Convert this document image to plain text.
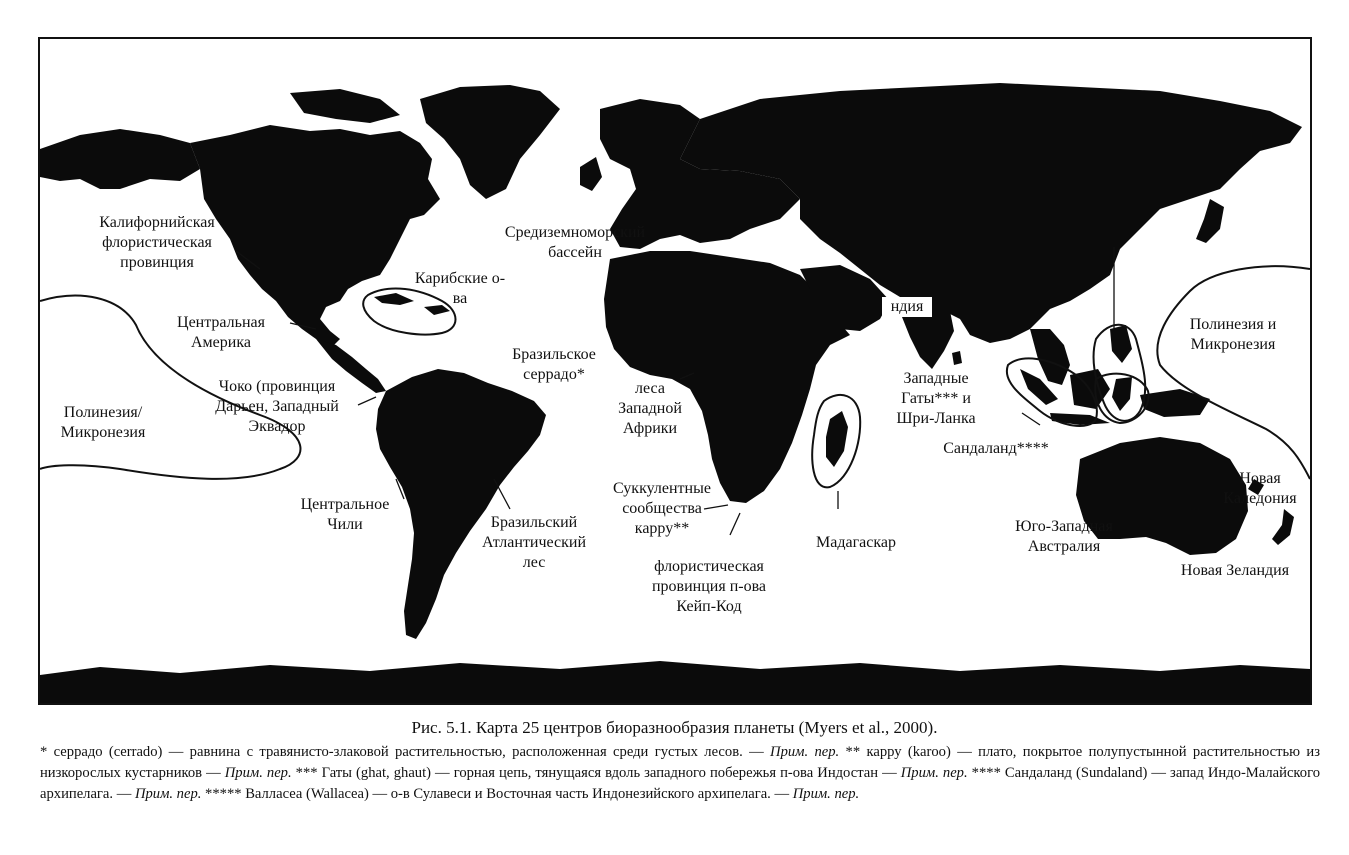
Калифорнийская
флористическая
провинция
Средиземноморский
бассейн
Карибские о-
ва
Центральная
Америка
Бразильское
серрадо*
Чоко (провинция
Дарьен, Западный
Эквадор
Полинезия/
Микронезия
леса
Западной
Африки
Центральное
Чили	Бразильский
Атлантический
лес
Суккулентные
сообщества
карру**
флористическая
провинция п-ова
Кейп-Код
Мадагаскар
Западные
Гаты*** и
Шри-Ланка
Сандаланд****
Полинезия и
Микронезия
Новая
Каледония
Юго-Западная
Австралия
Новая Зеландия
ндия
Рис. 5.1. Карта 25 центров биоразнообразия планеты (Myers et al., 2000).
* серрадо (cerrado) — равнина с травянисто-злаковой растительностью, расположенная среди густых лесов. — Прим. пер. ** карру (karoo) — плато, покрытое полупустынной растительностью из низкорослых кустарников — Прим. пер. *** Гаты (ghat, ghaut) — горная цепь, тянущаяся вдоль западного побережья п-ова Индостан — Прим. пер. **** Сандаланд (Sundaland) — запад Индо-Малайского архипелага. — Прим. пер. ***** Валласеа (Wallacea) — о-в Сулавеси и Восточная часть Индонезийского архипелага. — Прим. пер.
